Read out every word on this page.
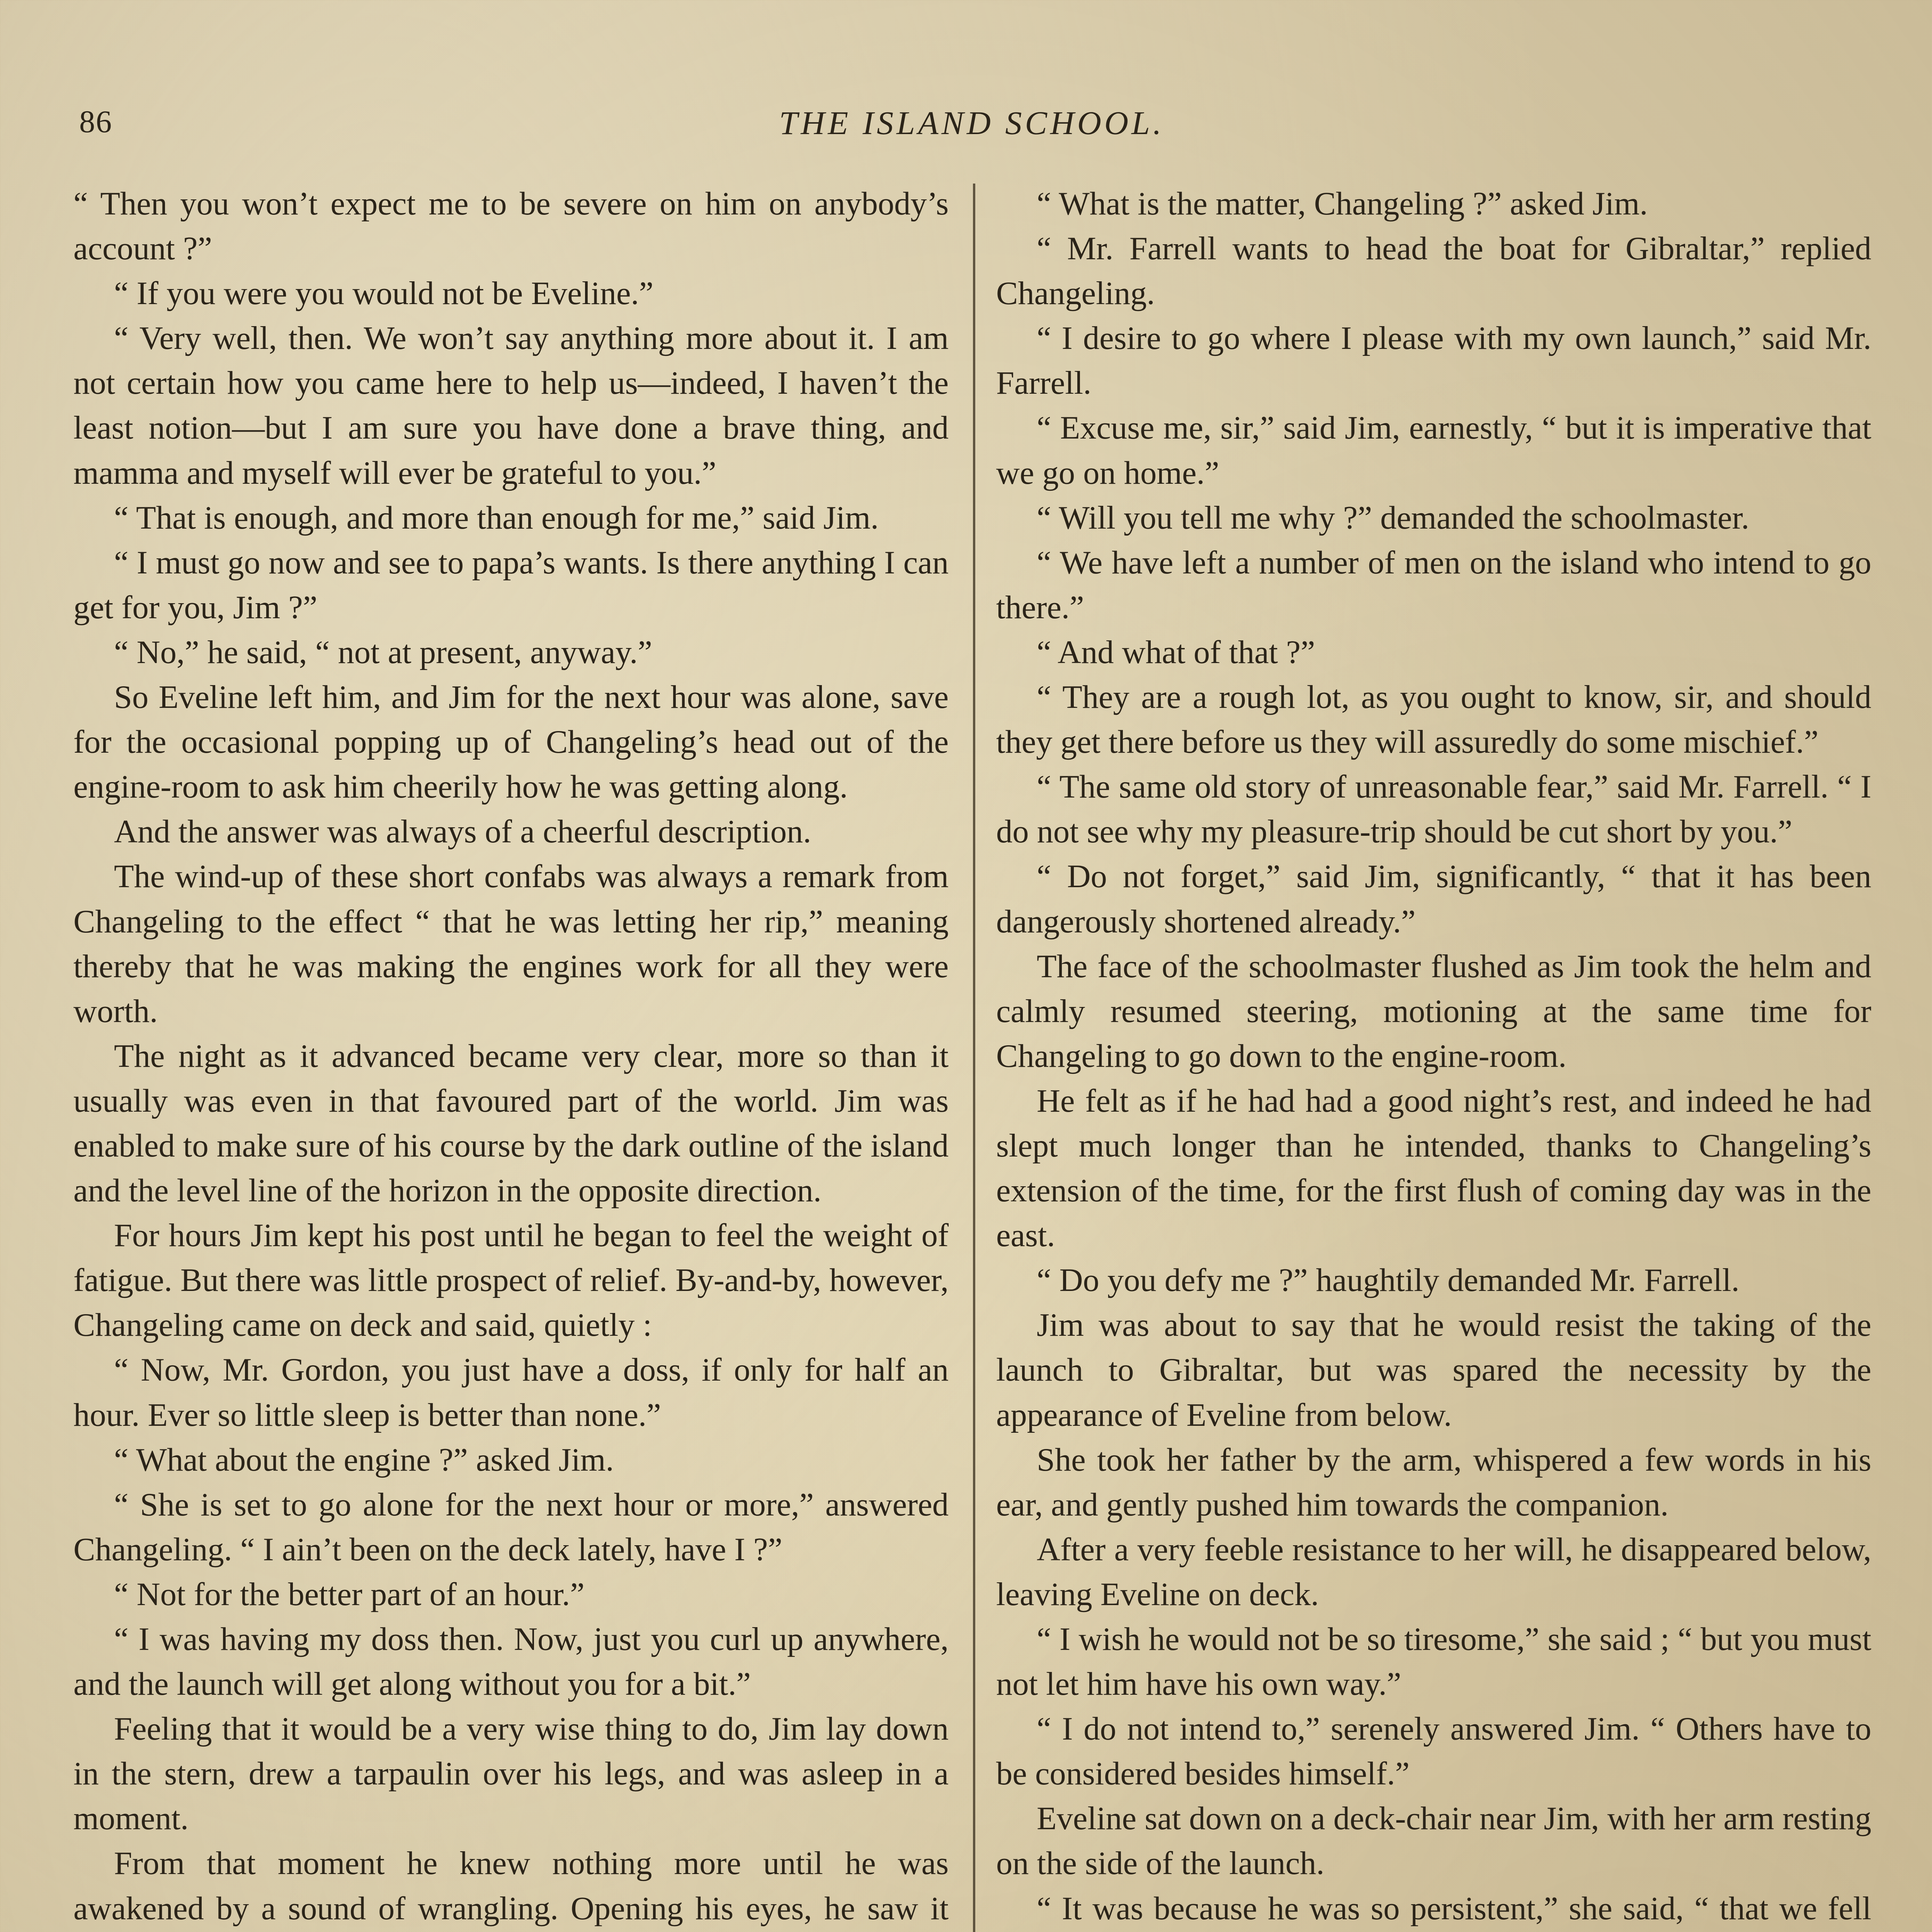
86	THE ISLAND SCHOOL.

“ Then you won’t expect me to be severe on him on anybody’s account ?”

“ If you were you would not be Eveline.”

“ Very well, then. We won’t say anything more about it. I am not certain how you came here to help us—indeed, I haven’t the least notion—but I am sure you have done a brave thing, and mamma and myself will ever be grateful to you.”

“ That is enough, and more than enough for me,” said Jim.

“ I must go now and see to papa’s wants. Is there anything I can get for you, Jim ?”

“ No,” he said, “ not at present, anyway.”

So Eveline left him, and Jim for the next hour was alone, save for the occasional popping up of Changeling’s head out of the engine-room to ask him cheerily how he was getting along.

And the answer was always of a cheerful description.

The wind-up of these short confabs was always a remark from Changeling to the effect “ that he was letting her rip,” meaning thereby that he was making the engines work for all they were worth.

The night as it advanced became very clear, more so than it usually was even in that favoured part of the world. Jim was enabled to make sure of his course by the dark outline of the island and the level line of the horizon in the opposite direction.

For hours Jim kept his post until he began to feel the weight of fatigue. But there was little prospect of relief. By-and-by, however, Changeling came on deck and said, quietly :

“ Now, Mr. Gordon, you just have a doss, if only for half an hour. Ever so little sleep is better than none.”

“ What about the engine ?” asked Jim.

“ She is set to go alone for the next hour or more,” answered Changeling. “ I ain’t been on the deck lately, have I ?”

“ Not for the better part of an hour.”

“ I was having my doss then. Now, just you curl up anywhere, and the launch will get along without you for a bit.”

Feeling that it would be a very wise thing to do, Jim lay down in the stern, drew a tarpaulin over his legs, and was asleep in a moment.

From that moment he knew nothing more until he was awakened by a sound of wrangling. Opening his eyes, he saw it

“ What is the matter, Changeling ?” asked Jim.

“ Mr. Farrell wants to head the boat for Gibraltar,” replied Changeling.

“ I desire to go where I please with my own launch,” said Mr. Farrell.

“ Excuse me, sir,” said Jim, earnestly, “ but it is imperative that we go on home.”

“ Will you tell me why ?” demanded the schoolmaster.

“ We have left a number of men on the island who intend to go there.”

“ And what of that ?”

“ They are a rough lot, as you ought to know, sir, and should they get there before us they will assuredly do some mischief.”

“ The same old story of unreasonable fear,” said Mr. Farrell. “ I do not see why my pleasure-trip should be cut short by you.”

“ Do not forget,” said Jim, significantly, “ that it has been dangerously shortened already.”

The face of the schoolmaster flushed as Jim took the helm and calmly resumed steering, motioning at the same time for Changeling to go down to the engine-room.

He felt as if he had had a good night’s rest, and indeed he had slept much longer than he intended, thanks to Changeling’s extension of the time, for the first flush of coming day was in the east.

“ Do you defy me ?” haughtily demanded Mr. Farrell.

Jim was about to say that he would resist the taking of the launch to Gibraltar, but was spared the necessity by the appearance of Eveline from below.

She took her father by the arm, whispered a few words in his ear, and gently pushed him towards the companion.

After a very feeble resistance to her will, he disappeared below, leaving Eveline on deck.

“ I wish he would not be so tiresome,” she said ; “ but you must not let him have his own way.”

“ I do not intend to,” serenely answered Jim. “ Others have to be considered besides himself.”

Eveline sat down on a deck-chair near Jim, with her arm resting on the side of the launch.

“ It was because he was so persistent,” she said, “ that we fell
